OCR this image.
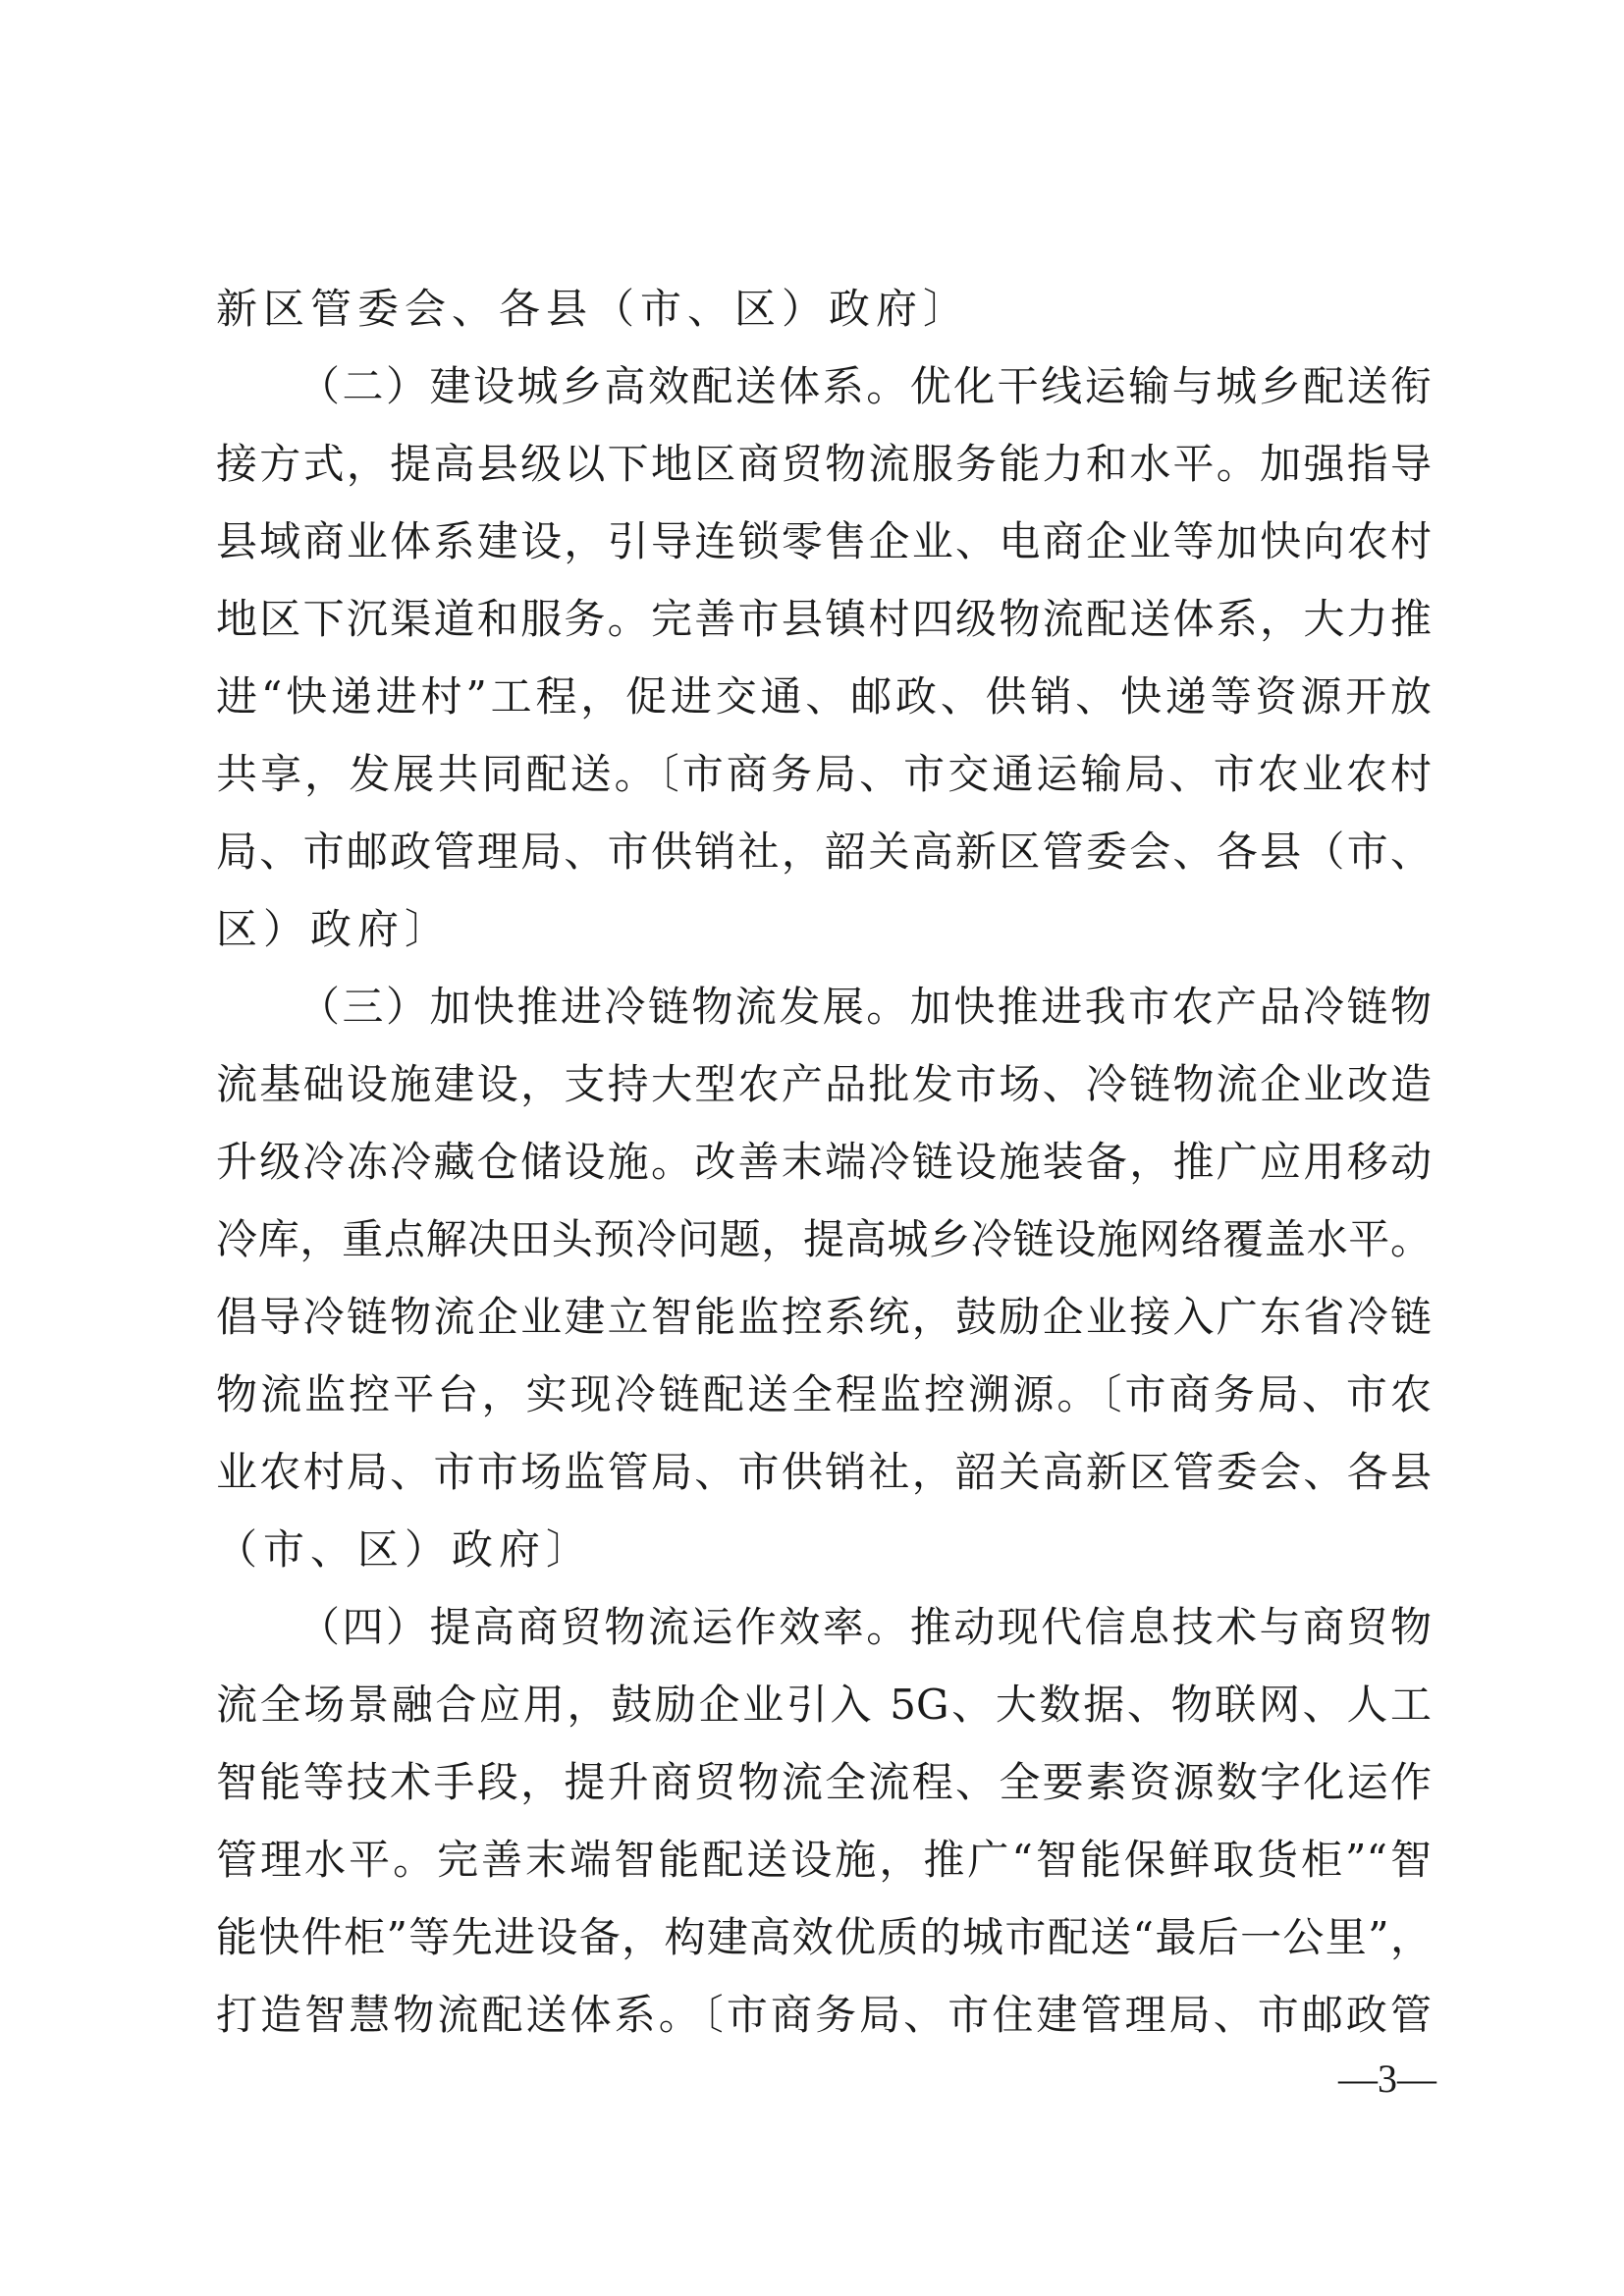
新区管委会、各县（市、区）政府〕
（二）建设城乡高效配送体系。优化干线运输与城乡配送衔
接方式，提高县级以下地区商贸物流服务能力和水平。加强指导
县域商业体系建设，引导连锁零售企业、电商企业等加快向农村
地区下沉渠道和服务。完善市县镇村四级物流配送体系，大力推
进“快递进村”工程，促进交通、邮政、供销、快递等资源开放
共享，发展共同配送。〔市商务局、市交通运输局、市农业农村
局、市邮政管理局、市供销社，韶关高新区管委会、各县（市、
区）政府〕
（三）加快推进冷链物流发展。加快推进我市农产品冷链物
流基础设施建设，支持大型农产品批发市场、冷链物流企业改造
升级冷冻冷藏仓储设施。改善末端冷链设施装备，推广应用移动
冷库，重点解决田头预冷问题，提高城乡冷链设施网络覆盖水平。
倡导冷链物流企业建立智能监控系统，鼓励企业接入广东省冷链
物流监控平台，实现冷链配送全程监控溯源。〔市商务局、市农
业农村局、市市场监管局、市供销社，韶关高新区管委会、各县
（市、区）政府〕
（四）提高商贸物流运作效率。推动现代信息技术与商贸物
流全场景融合应用，鼓励企业引入 5G、大数据、物联网、人工
智能等技术手段，提升商贸物流全流程、全要素资源数字化运作
管理水平。完善末端智能配送设施，推广“智能保鲜取货柜”“智
能快件柜”等先进设备，构建高效优质的城市配送“最后一公里”，
打造智慧物流配送体系。〔市商务局、市住建管理局、市邮政管
—3—
